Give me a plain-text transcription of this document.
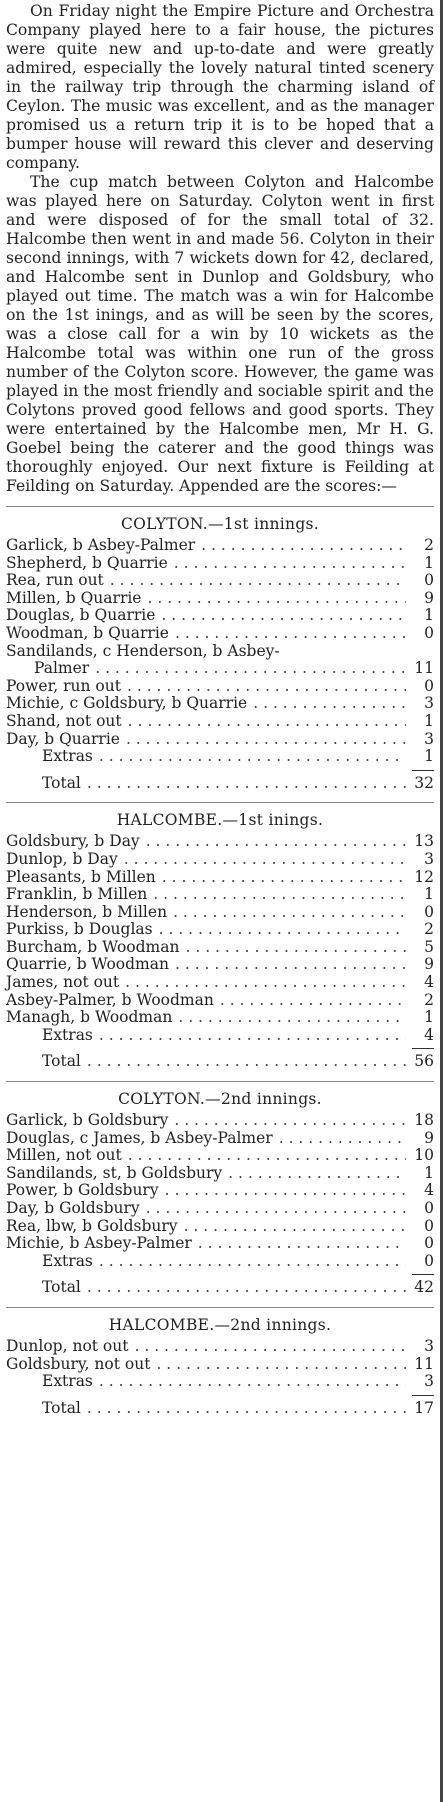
On Friday night the Empire Picture and Orchestra Company played here to a fair house, the pictures were quite new and up-to-date and were greatly admired, especially the lovely natural tinted scenery in the railway trip through the charming island of Ceylon. The music was excellent, and as the manager promised us a return trip it is to be hoped that a bumper house will reward this clever and deserving company.

The cup match between Colyton and Halcombe was played here on Saturday. Colyton went in first and were disposed of for the small total of 32. Halcombe then went in and made 56. Colyton in their second innings, with 7 wickets down for 42, declared, and Halcombe sent in Dunlop and Goldsbury, who played out time. The match was a win for Halcombe on the 1st inings, and as will be seen by the scores, was a close call for a win by 10 wickets as the Halcombe total was within one run of the gross number of the Colyton score. However, the game was played in the most friendly and sociable spirit and the Colytons proved good fellows and good sports. They were entertained by the Halcombe men, Mr H. G. Goebel being the caterer and the good things was thoroughly enjoyed. Our next fixture is Feilding at Feilding on Saturday. Appended are the scores:—

COLYTON.—1st innings.
Garlick, b Asbey-Palmer . . .	2
Shepherd, b Quarrie . . .	1
Rea, run out . . .	0
Millen, b Quarrie . . .	9
Douglas, b Quarrie . . .	1
Woodman, b Quarrie . . .	0
Sandilands, c Henderson, b Asbey-
Palmer . . .	11
Power, run out . . .	0
Michie, c Goldsbury, b Quarrie . . .	3
Shand, not out . . .	1
Day, b Quarrie . . .	3
Extras . . .	1
Total . . .	32
HALCOMBE.—1st inings.
Goldsbury, b Day . . .	13
Dunlop, b Day . . .	3
Pleasants, b Millen . . .	12
Franklin, b Millen . . .	1
Henderson, b Millen . . .	0
Purkiss, b Douglas . . .	2
Burcham, b Woodman . . .	5
Quarrie, b Woodman . . .	9
James, not out . . .	4
Asbey-Palmer, b Woodman . . .	2
Managh, b Woodman . . .	1
Extras . . .	4
Total . . .	56
COLYTON.—2nd innings.
Garlick, b Goldsbury . . .	18
Douglas, c James, b Asbey-Palmer . . .	9
Millen, not out . . .	10
Sandilands, st, b Goldsbury . . .	1
Power, b Goldsbury . . .	4
Day, b Goldsbury . . .	0
Rea, lbw, b Goldsbury . . .	0
Michie, b Asbey-Palmer . . .	0
Extras . . .	0
Total . . .	42
HALCOMBE.—2nd innings.
Dunlop, not out . . .	3
Goldsbury, not out . . .	11
Extras . . .	3
Total . . .	17
